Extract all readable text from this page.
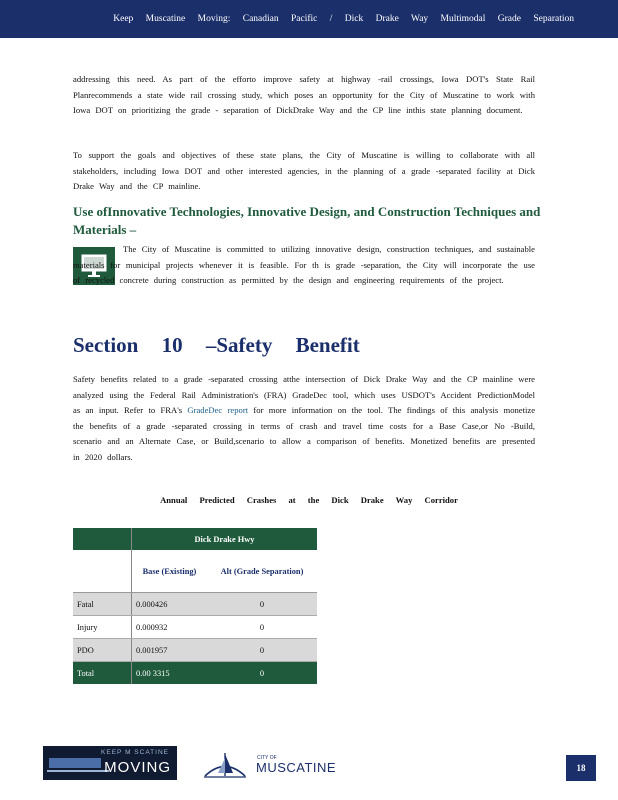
Keep Muscatine Moving: Canadian Pacific / Dick Drake Way Multimodal Grade Separation

addressing this need. As part of the efforto improve safety at highway -rail crossings, Iowa DOT's State Rail Planrecommends a state wide rail crossing study, which poses an opportunity for the City of Muscatine to work with Iowa DOT on prioritizing the grade - separation of DickDrake Way and the CP line inthis state planning document.

To support the goals and objectives of these state plans, the City of Muscatine is willing to collaborate with all stakeholders, including Iowa DOT and other interested agencies, in the planning of a grade -separated facility at Dick Drake Way and the CP mainline.

Use ofInnovative Technologies, Innovative Design, and Construction Techniques and Materials –

The City of Muscatine is committed to utilizing innovative design, construction techniques, and sustainable materials for municipal projects whenever it is feasible. For th is grade -separation, the City will incorporate the use of recycled concrete during construction as permitted by the design and engineering requirements of the project.

Section 10 –Safety Benefit

Safety benefits related to a grade -separated crossing atthe intersection of Dick Drake Way and the CP mainline were analyzed using the Federal Rail Administration's (FRA) GradeDec tool, which uses USDOT's Accident PredictionModel as an input. Refer to FRA's GradeDec report for more information on the tool. The findings of this analysis monetize the benefits of a grade -separated crossing in terms of crash and travel time costs for a Base Case,or No -Build, scenario and an Alternate Case, or Build,scenario to allow a comparison of benefits. Monetized benefits are presented in 2020 dollars.

Annual Predicted Crashes at the Dick Drake Way Corridor
	Dick Drake Hwy	
	Base (Existing)	Alt (Grade Separation)
Fatal	0.000426	0
Injury	0.000932	0
PDO	0.001957	0
Total	0.00 3315	0
KEEP M SCATINE
MOVING
CITY OF
MUSCATINE	18
